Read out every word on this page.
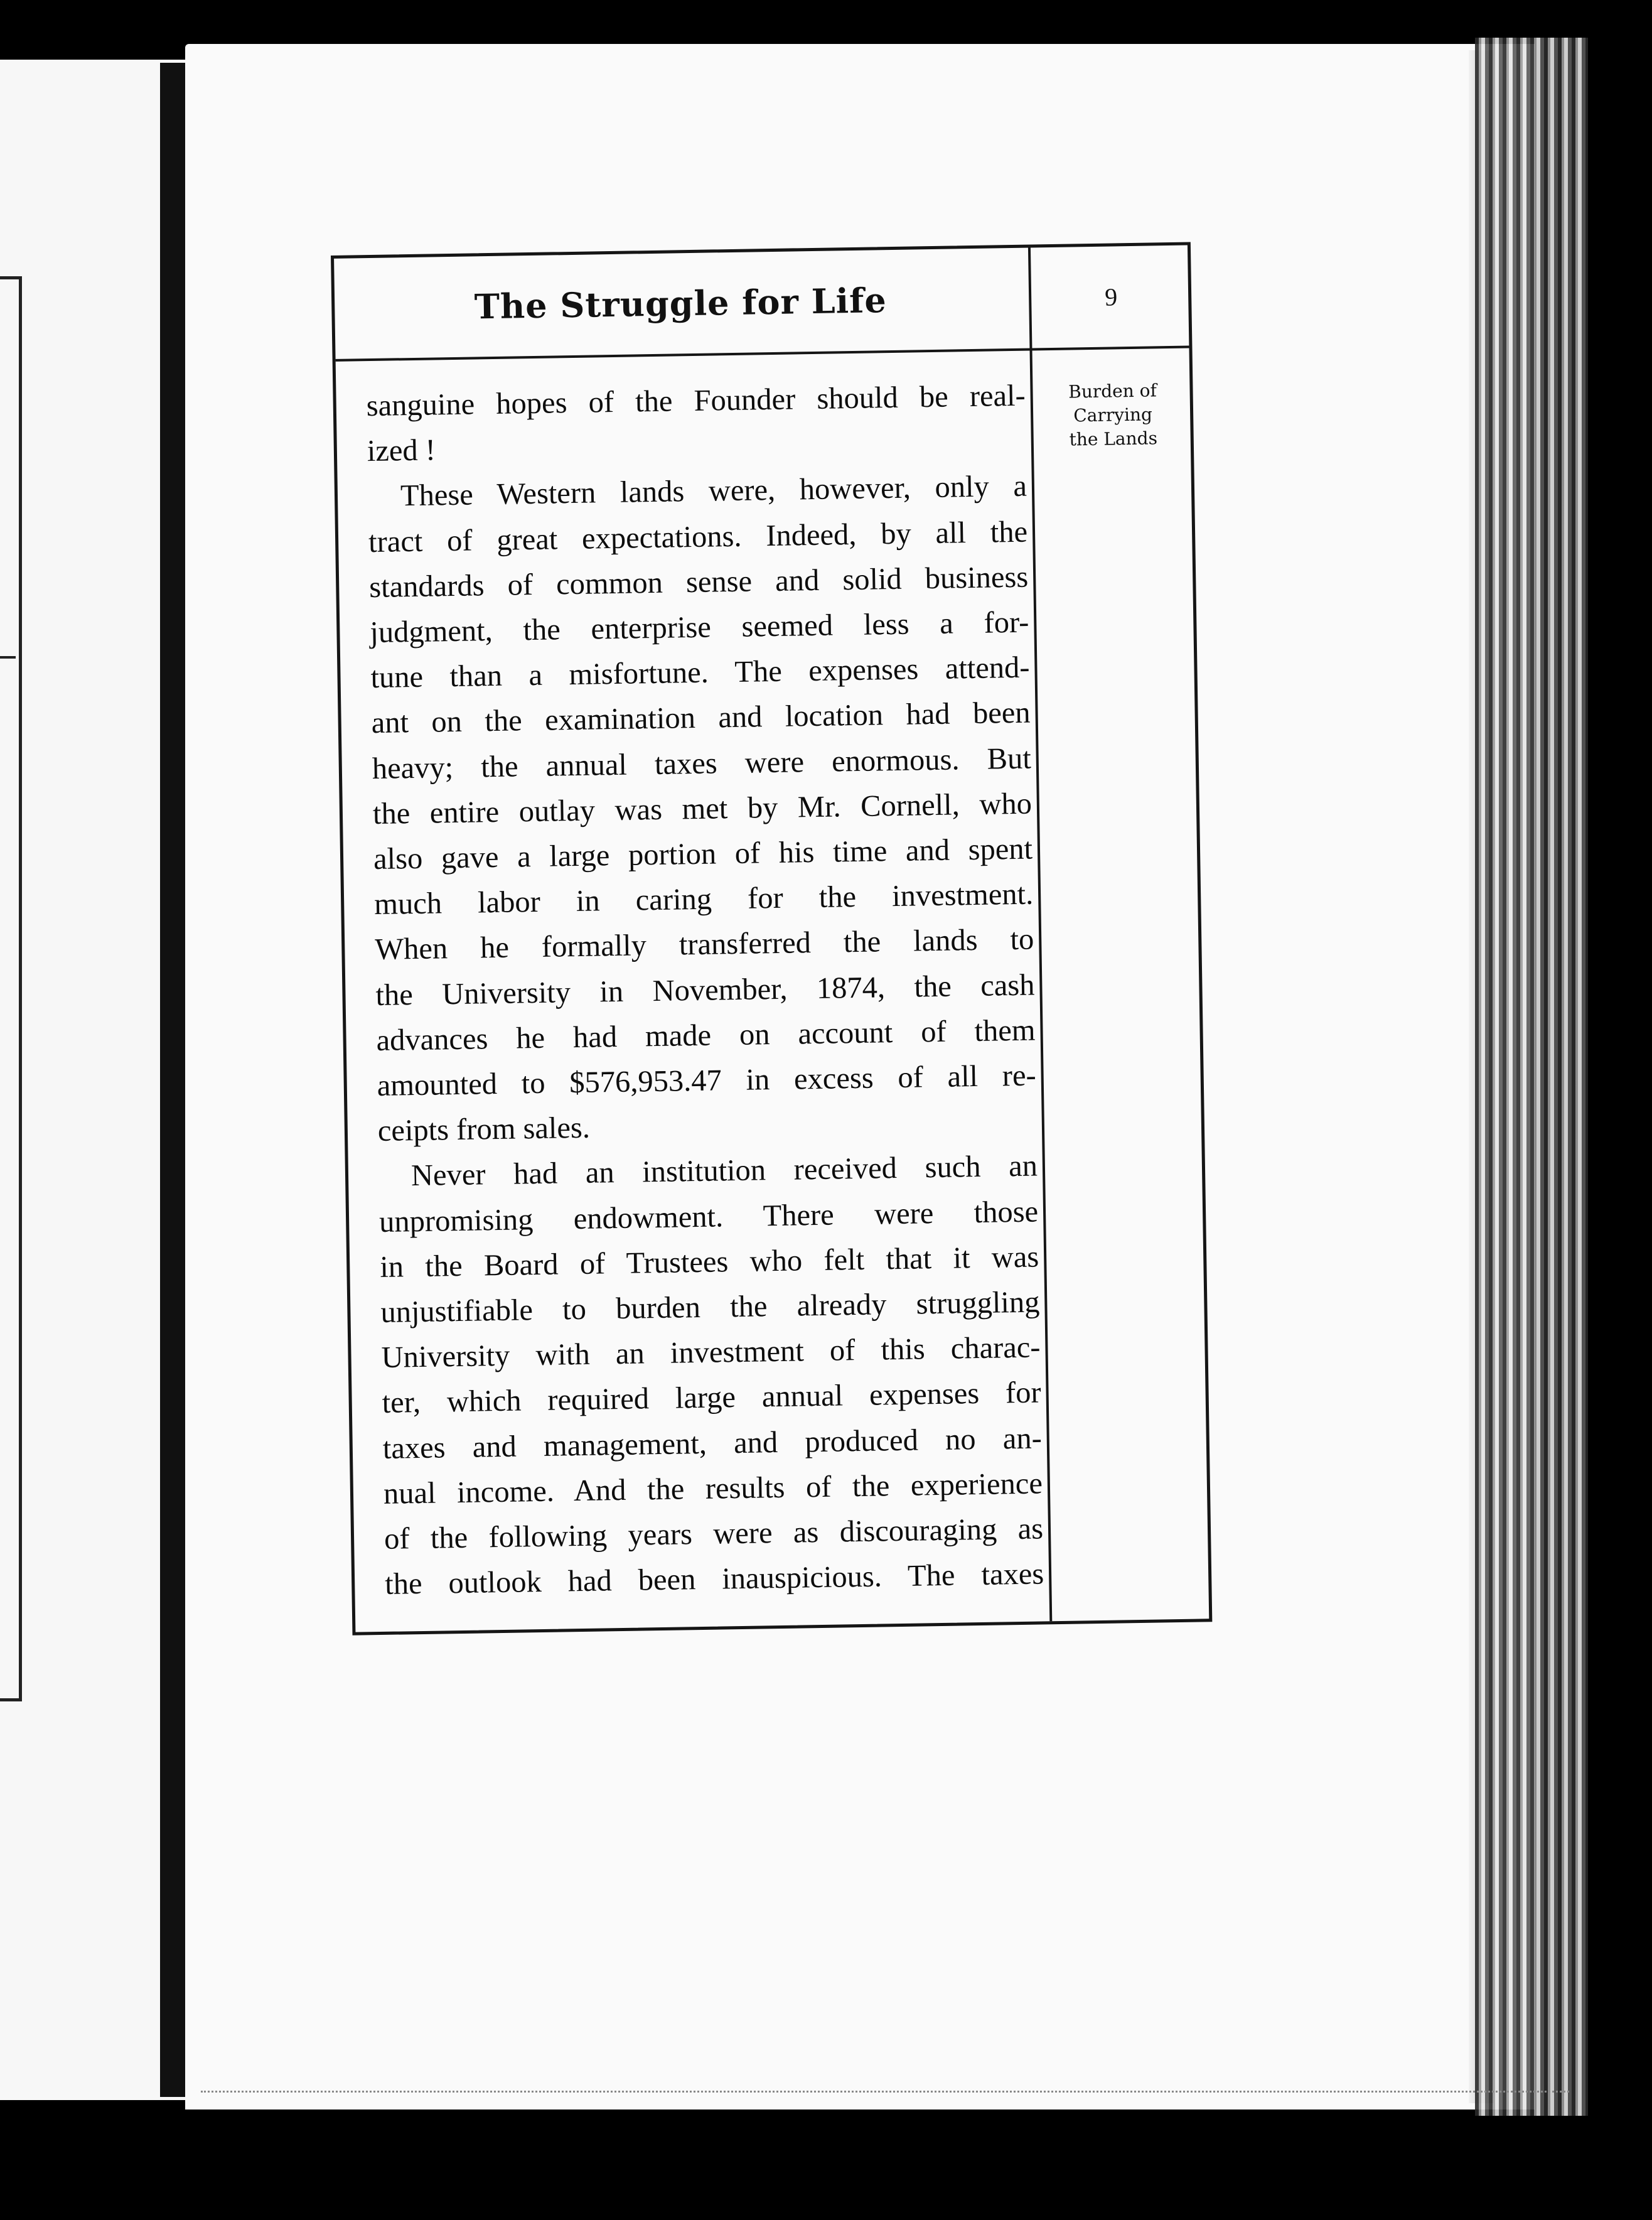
The Struggle for Life	9
Burden of
Carrying
the Lands
sanguine hopes of the Founder should be real-
ized !
These Western lands were, however, only a
tract of great expectations. Indeed, by all the
standards of common sense and solid business
judgment, the enterprise seemed less a for-
tune than a misfortune. The expenses attend-
ant on the examination and location had been
heavy; the annual taxes were enormous. But
the entire outlay was met by Mr. Cornell, who
also gave a large portion of his time and spent
much labor in caring for the investment.
When he formally transferred the lands to
the University in November, 1874, the cash
advances he had made on account of them
amounted to $576,953.47 in excess of all re-
ceipts from sales.
Never had an institution received such an
unpromising endowment. There were those
in the Board of Trustees who felt that it was
unjustifiable to burden the already struggling
University with an investment of this charac-
ter, which required large annual expenses for
taxes and management, and produced no an-
nual income. And the results of the experience
of the following years were as discouraging as
the outlook had been inauspicious. The taxes
